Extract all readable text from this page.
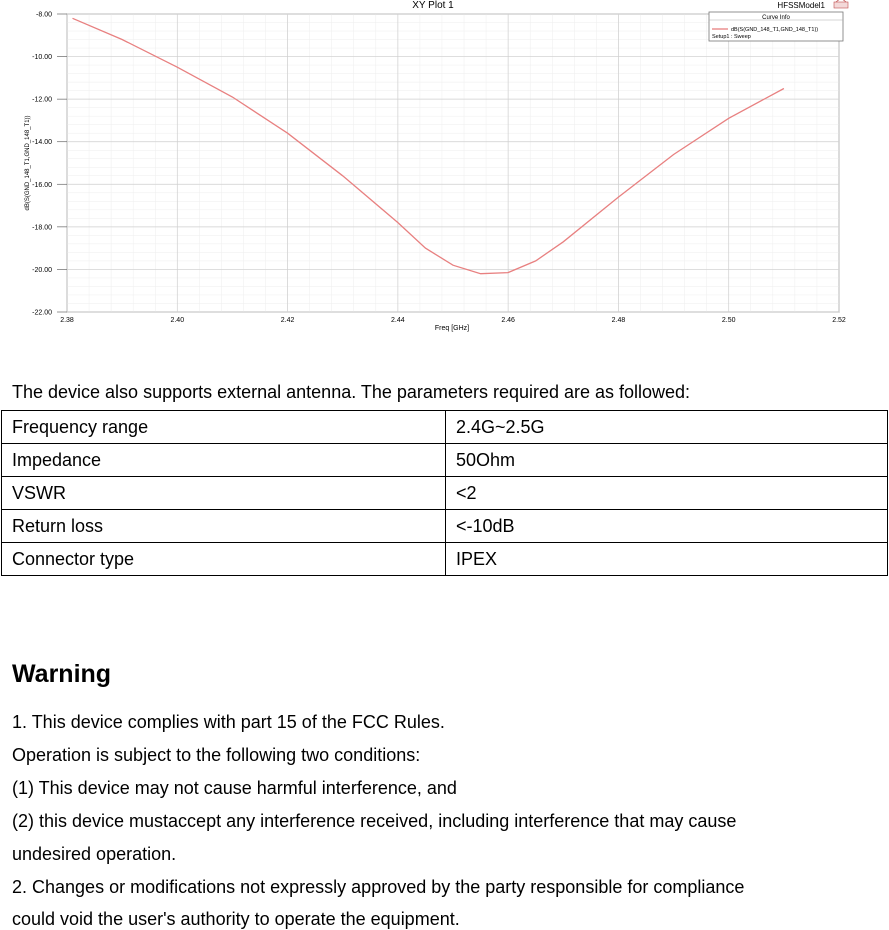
2.38	2.40	2.42	2.44	2.46	2.48	2.50	2.52
-8.00
-10.00
-12.00
-14.00
-16.00
-18.00
-20.00
-22.00
XY Plot 1	HFSSModel1
Freq [GHz]
dB(S(GND_148_T1,GND_148_T1))
Curve Info
dB(S(GND_148_T1,GND_148_T1))
Setup1 : Sweep
The device also supports external antenna. The parameters required are as followed:
Frequency range	2.4G~2.5G
Impedance	50Ohm
VSWR	<2
Return loss	<-10dB
Connector type	IPEX
Warning
1. This device complies with part 15 of the FCC Rules.
Operation is subject to the following two conditions:
(1) This device may not cause harmful interference, and
(2) this device mustaccept any interference received, including interference that may cause
undesired operation.
2. Changes or modifications not expressly approved by the party responsible for compliance
could void the user's authority to operate the equipment.
